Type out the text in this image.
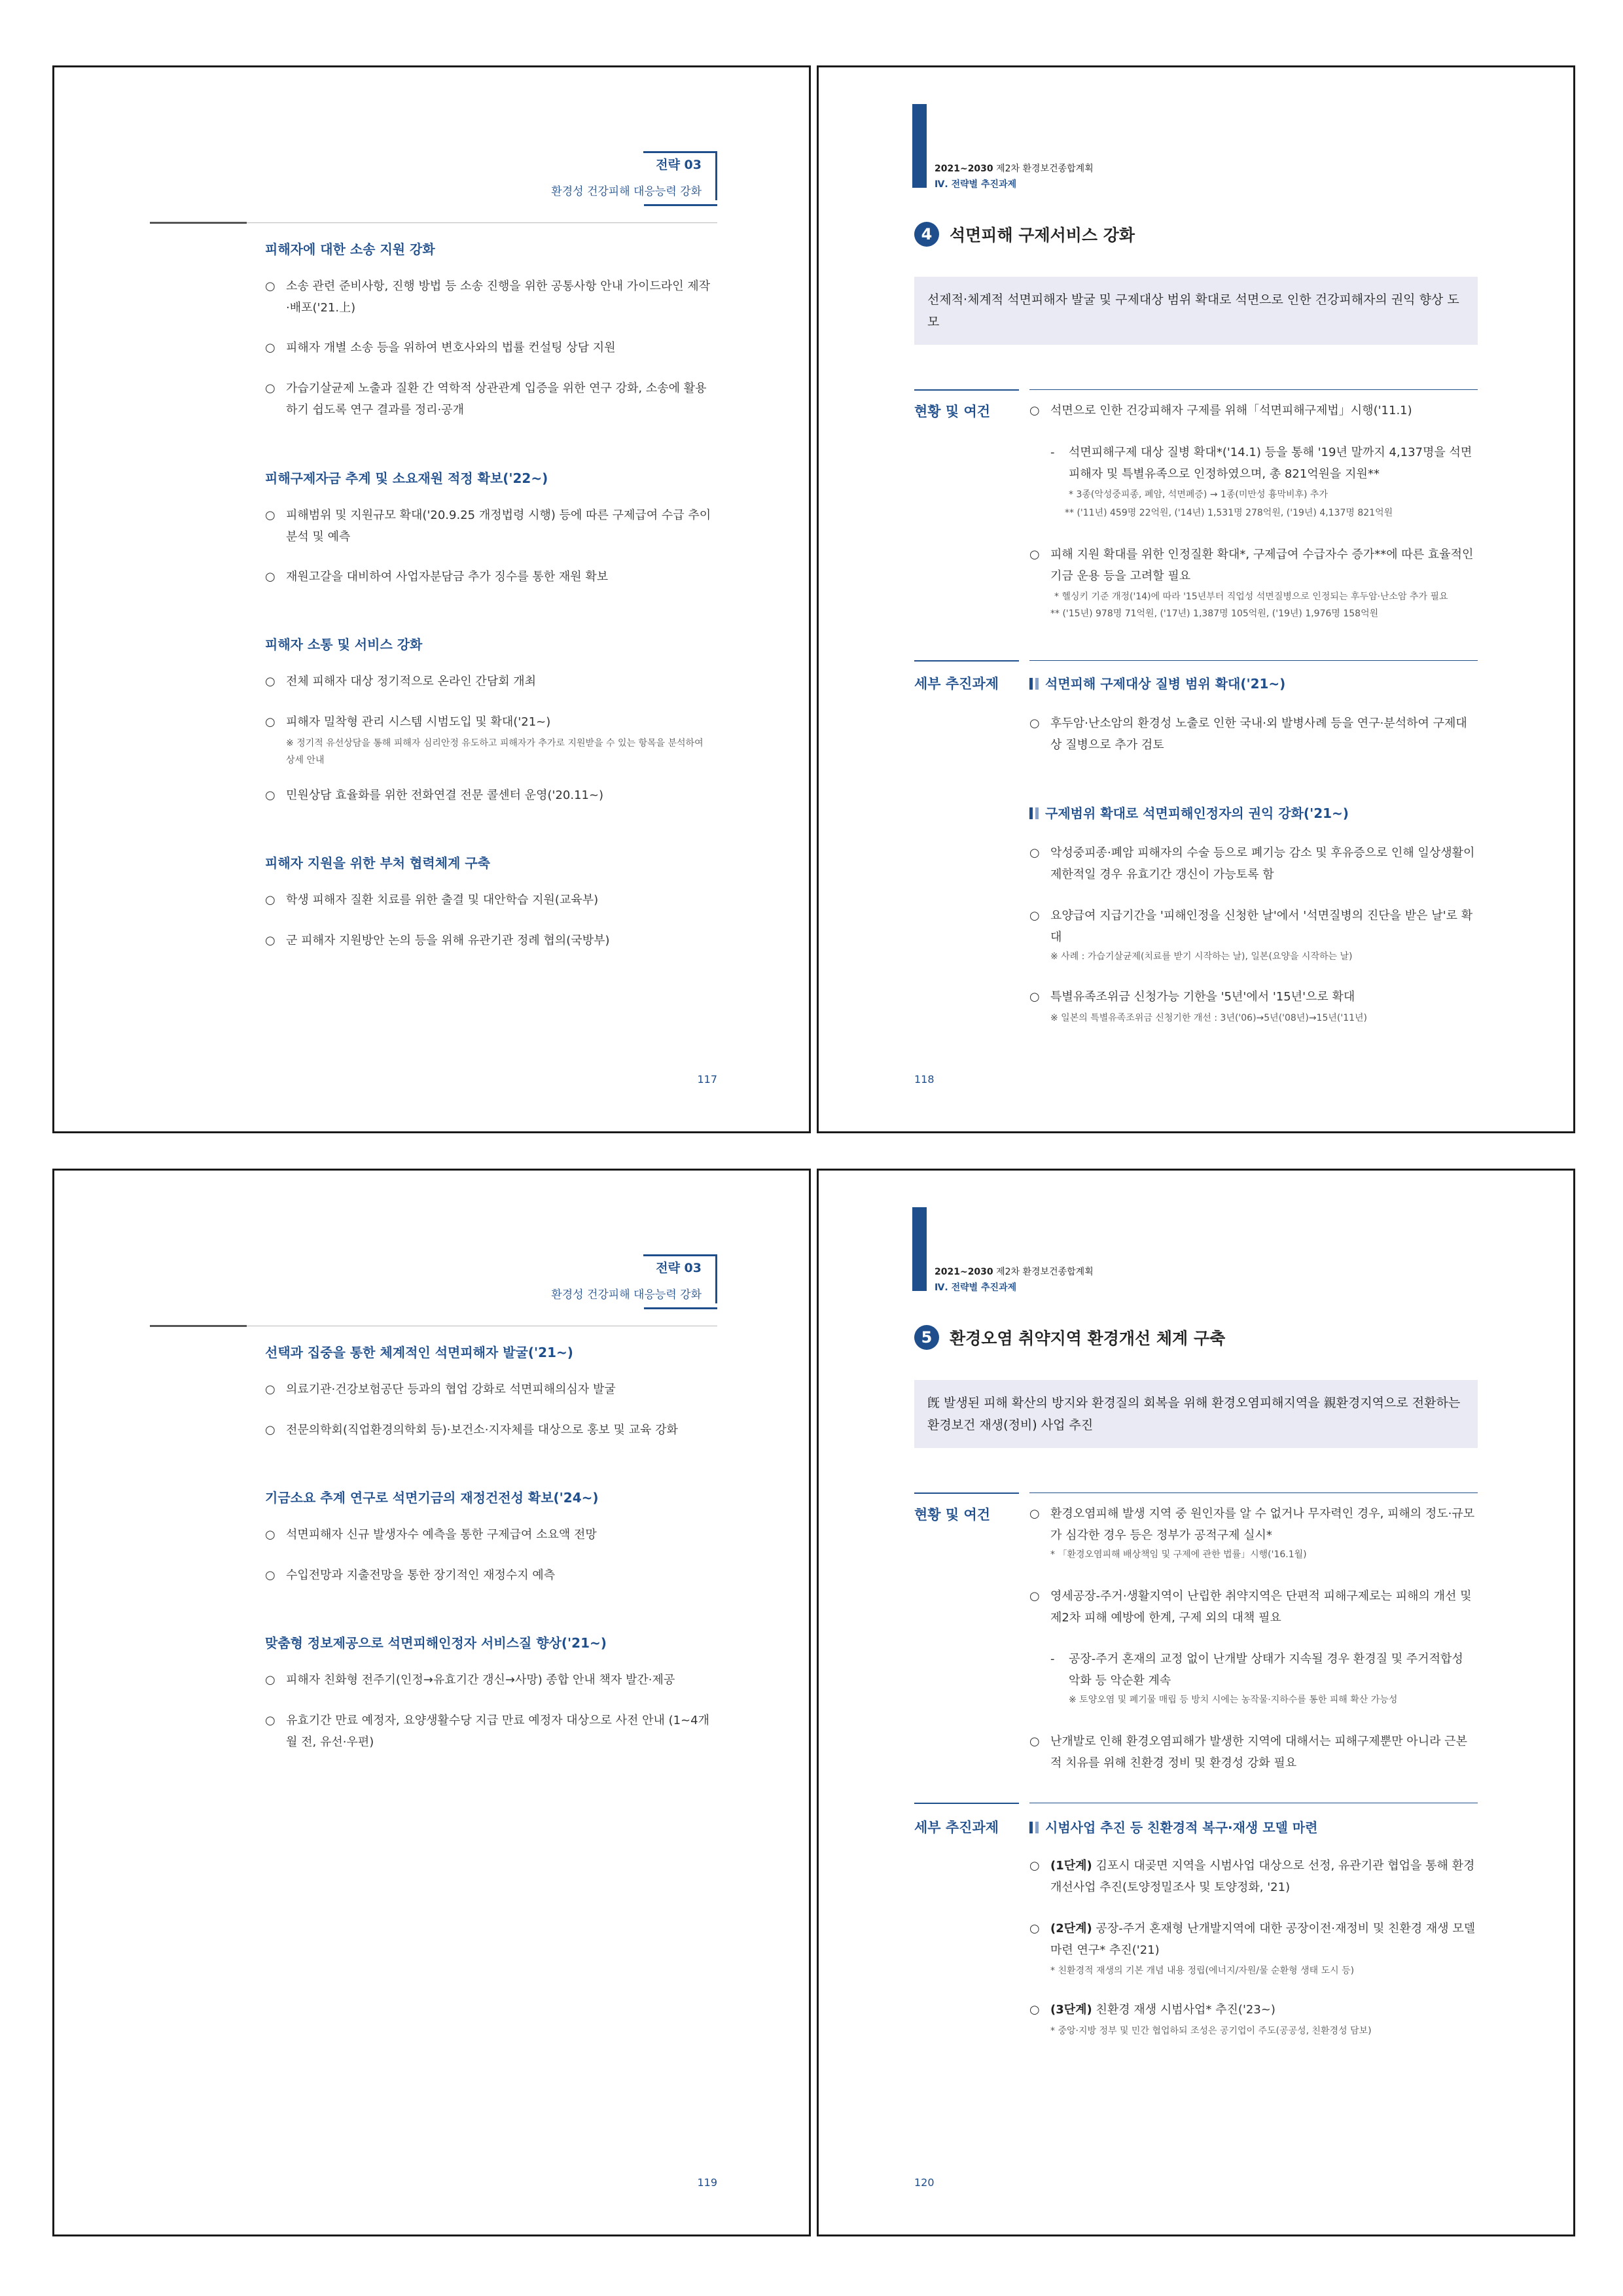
전략 03
환경성 건강피해 대응능력 강화
피해자에 대한 소송 지원 강화
○ 소송 관련 준비사항, 진행 방법 등 소송 진행을 위한 공통사항 안내 가이드라인 제작·배포('21.上)
○ 피해자 개별 소송 등을 위하여 변호사와의 법률 컨설팅 상담 지원
○ 가습기살균제 노출과 질환 간 역학적 상관관계 입증을 위한 연구 강화, 소송에 활용하기 쉽도록 연구 결과를 정리·공개
피해구제자금 추계 및 소요재원 적정 확보('22~)
○ 피해범위 및 지원규모 확대('20.9.25 개정법령 시행) 등에 따른 구제급여 수급 추이 분석 및 예측
○ 재원고갈을 대비하여 사업자분담금 추가 징수를 통한 재원 확보
피해자 소통 및 서비스 강화
○ 전체 피해자 대상 정기적으로 온라인 간담회 개최
○ 피해자 밀착형 관리 시스템 시범도입 및 확대('21~)
※ 정기적 유선상담을 통해 피해자 심리안정 유도하고 피해자가 추가로 지원받을 수 있는 항목을 분석하여 상세 안내
○ 민원상담 효율화를 위한 전화연결 전문 콜센터 운영('20.11~)
피해자 지원을 위한 부처 협력체계 구축
○ 학생 피해자 질환 치료를 위한 출결 및 대안학습 지원(교육부)
○ 군 피해자 지원방안 논의 등을 위해 유관기관 정례 협의(국방부)
117
2021~2030 제2차 환경보건종합계획
Ⅳ. 전략별 추진과제
4	석면피해 구제서비스 강화
선제적·체계적 석면피해자 발굴 및 구제대상 범위 확대로 석면으로 인한 건강피해자의 권익 향상 도모
현황 및 여건	○ 석면으로 인한 건강피해자 구제를 위해「석면피해구제법」시행('11.1)
- 석면피해구제 대상 질병 확대*('14.1) 등을 통해 '19년 말까지 4,137명을 석면피해자 및 특별유족으로 인정하였으며, 총 821억원을 지원**
* 3종(악성중피종, 폐암, 석면폐증) → 1종(미만성 흉막비후) 추가
** ('11년) 459명 22억원, ('14년) 1,531명 278억원, ('19년) 4,137명 821억원
○ 피해 지원 확대를 위한 인정질환 확대*, 구제급여 수급자수 증가**에 따른 효율적인 기금 운용 등을 고려할 필요
* 헬싱키 기준 개정('14)에 따라 '15년부터 직업성 석면질병으로 인정되는 후두암·난소암 추가 필요
** ('15년) 978명 71억원, ('17년) 1,387명 105억원, ('19년) 1,976명 158억원
세부 추진과제	석면피해 구제대상 질병 범위 확대('21~)
○ 후두암·난소암의 환경성 노출로 인한 국내·외 발병사례 등을 연구·분석하여 구제대상 질병으로 추가 검토
구제범위 확대로 석면피해인정자의 권익 강화('21~)
○ 악성중피종·폐암 피해자의 수술 등으로 폐기능 감소 및 후유증으로 인해 일상생활이 제한적일 경우 유효기간 갱신이 가능토록 함
○ 요양급여 지급기간을 '피해인정을 신청한 날'에서 '석면질병의 진단을 받은 날'로 확대
※ 사례 : 가습기살균제(치료를 받기 시작하는 날), 일본(요양을 시작하는 날)
○ 특별유족조위금 신청가능 기한을 '5년'에서 '15년'으로 확대
※ 일본의 특별유족조위금 신청기한 개선 : 3년('06)→5년('08년)→15년('11년)
118
전략 03
환경성 건강피해 대응능력 강화
선택과 집중을 통한 체계적인 석면피해자 발굴('21~)
○ 의료기관·건강보험공단 등과의 협업 강화로 석면피해의심자 발굴
○ 전문의학회(직업환경의학회 등)·보건소·지자체를 대상으로 홍보 및 교육 강화
기금소요 추계 연구로 석면기금의 재정건전성 확보('24~)
○ 석면피해자 신규 발생자수 예측을 통한 구제급여 소요액 전망
○ 수입전망과 지출전망을 통한 장기적인 재정수지 예측
맞춤형 정보제공으로 석면피해인정자 서비스질 향상('21~)
○ 피해자 친화형 전주기(인정→유효기간 갱신→사망) 종합 안내 책자 발간·제공
○ 유효기간 만료 예정자, 요양생활수당 지급 만료 예정자 대상으로 사전 안내 (1~4개월 전, 유선·우편)
119
2021~2030 제2차 환경보건종합계획
Ⅳ. 전략별 추진과제
5	환경오염 취약지역 환경개선 체계 구축
旣 발생된 피해 확산의 방지와 환경질의 회복을 위해 환경오염피해지역을 親환경지역으로 전환하는 환경보건 재생(정비) 사업 추진
현황 및 여건	○ 환경오염피해 발생 지역 중 원인자를 알 수 없거나 무자력인 경우, 피해의 정도·규모가 심각한 경우 등은 정부가 공적구제 실시*
* 「환경오염피해 배상책임 및 구제에 관한 법률」시행('16.1월)
○ 영세공장-주거·생활지역이 난립한 취약지역은 단편적 피해구제로는 피해의 개선 및 제2차 피해 예방에 한계, 구제 외의 대책 필요
- 공장-주거 혼재의 교정 없이 난개발 상태가 지속될 경우 환경질 및 주거적합성 악화 등 악순환 계속
※ 토양오염 및 폐기물 매립 등 방치 시에는 농작물·지하수를 통한 피해 확산 가능성
○ 난개발로 인해 환경오염피해가 발생한 지역에 대해서는 피해구제뿐만 아니라 근본적 치유를 위해 친환경 정비 및 환경성 강화 필요
세부 추진과제	시범사업 추진 등 친환경적 복구·재생 모델 마련
○ (1단계) 김포시 대곶면 지역을 시범사업 대상으로 선정, 유관기관 협업을 통해 환경개선사업 추진(토양정밀조사 및 토양정화, '21)
○ (2단계) 공장-주거 혼재형 난개발지역에 대한 공장이전·재정비 및 친환경 재생 모델 마련 연구* 추진('21)
* 친환경적 재생의 기본 개념 내용 정립(에너지/자원/물 순환형 생태 도시 등)
○ (3단계) 친환경 재생 시범사업* 추진('23~)
* 중앙·지방 정부 및 민간 협업하되 조성은 공기업이 주도(공공성, 친환경성 담보)
120
